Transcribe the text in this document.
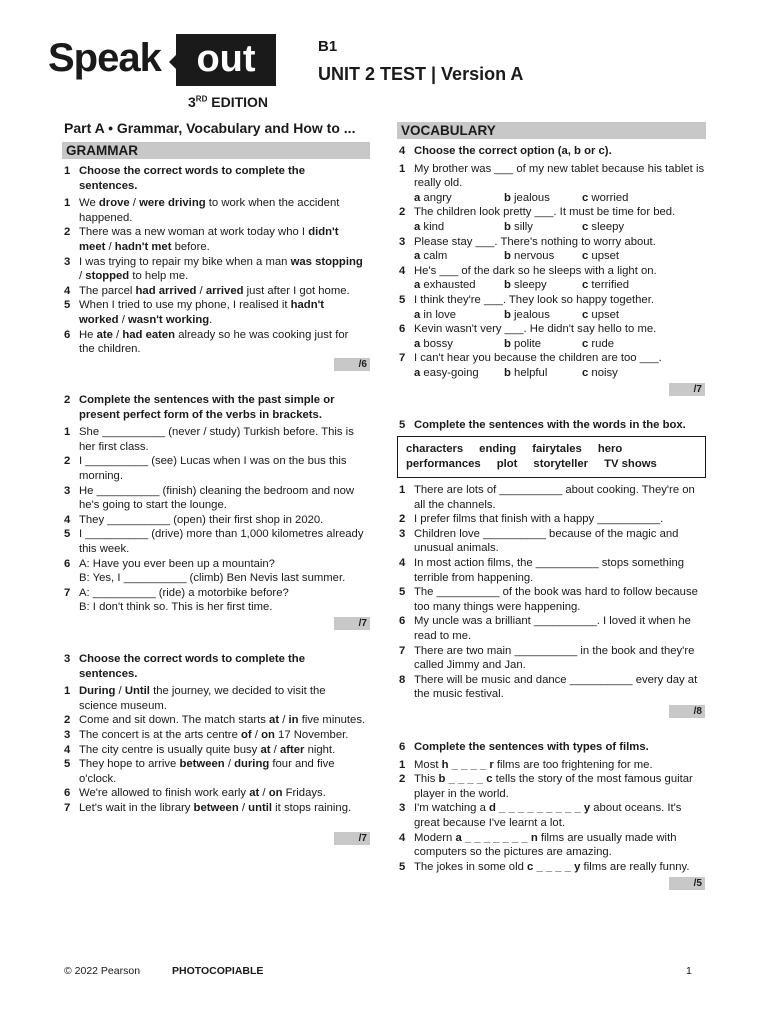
Speak out
3RD EDITION
B1
UNIT 2 TEST | Version A
Part A • Grammar, Vocabulary and How to ...
GRAMMAR
1 Choose the correct words to complete the sentences.
1 We drove / were driving to work when the accident happened.
2 There was a new woman at work today who I didn't meet / hadn't met before.
3 I was trying to repair my bike when a man was stopping / stopped to help me.
4 The parcel had arrived / arrived just after I got home.
5 When I tried to use my phone, I realised it hadn't worked / wasn't working.
6 He ate / had eaten already so he was cooking just for the children.
/6
2 Complete the sentences with the past simple or present perfect form of the verbs in brackets.
1 She __________ (never / study) Turkish before. This is her first class.
2 I __________ (see) Lucas when I was on the bus this morning.
3 He __________ (finish) cleaning the bedroom and now he's going to start the lounge.
4 They __________ (open) their first shop in 2020.
5 I __________ (drive) more than 1,000 kilometres already this week.
6 A: Have you ever been up a mountain?
B: Yes, I __________ (climb) Ben Nevis last summer.
7 A: __________ (ride) a motorbike before?
B: I don't think so. This is her first time.
/7
3 Choose the correct words to complete the sentences.
1 During / Until the journey, we decided to visit the science museum.
2 Come and sit down. The match starts at / in five minutes.
3 The concert is at the arts centre of / on 17 November.
4 The city centre is usually quite busy at / after night.
5 They hope to arrive between / during four and five o'clock.
6 We're allowed to finish work early at / on Fridays.
7 Let's wait in the library between / until it stops raining.
/7
VOCABULARY
4 Choose the correct option (a, b or c).
1 My brother was ___ of my new tablet because his tablet is really old.
a angry	b jealous	c worried
2 The children look pretty ___. It must be time for bed.
a kind	b silly	c sleepy
3 Please stay ___. There's nothing to worry about.
a calm	b nervous	c upset
4 He's ___ of the dark so he sleeps with a light on.
a exhausted	b sleepy	c terrified
5 I think they're ___. They look so happy together.
a in love	b jealous	c upset
6 Kevin wasn't very ___. He didn't say hello to me.
a bossy	b polite	c rude
7 I can't hear you because the children are too ___.
a easy-going	b helpful	c noisy
/7
5 Complete the sentences with the words in the box.
characters ending fairytales hero
performances plot storyteller TV shows
1 There are lots of __________ about cooking. They're on all the channels.
2 I prefer films that finish with a happy __________.
3 Children love __________ because of the magic and unusual animals.
4 In most action films, the __________ stops something terrible from happening.
5 The __________ of the book was hard to follow because too many things were happening.
6 My uncle was a brilliant __________. I loved it when he read to me.
7 There are two main __________ in the book and they're called Jimmy and Jan.
8 There will be music and dance __________ every day at the music festival.
/8
6 Complete the sentences with types of films.
1 Most h _ _ _ _ r films are too frightening for me.
2 This b _ _ _ _ c tells the story of the most famous guitar player in the world.
3 I'm watching a d _ _ _ _ _ _ _ _ _ y about oceans. It's great because I've learnt a lot.
4 Modern a _ _ _ _ _ _ _ n films are usually made with computers so the pictures are amazing.
5 The jokes in some old c _ _ _ _ y films are really funny.
/5
© 2022 Pearson	PHOTOCOPIABLE	1
